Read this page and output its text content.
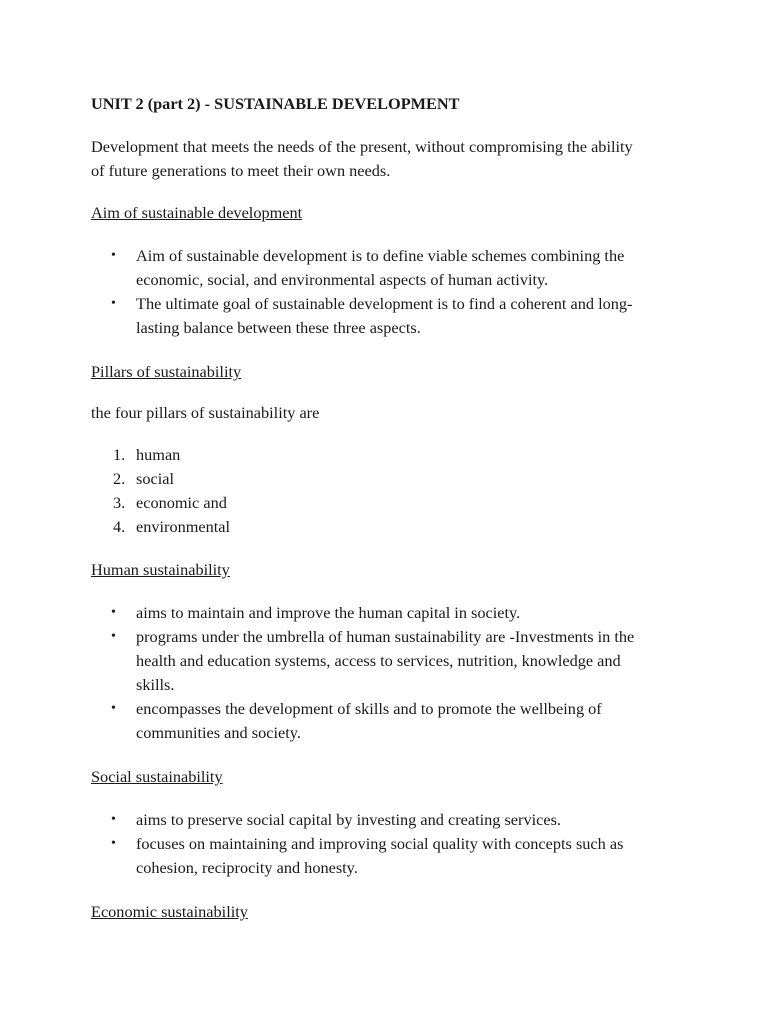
UNIT 2 (part 2) - SUSTAINABLE DEVELOPMENT

Development that meets the needs of the present, without compromising the ability
of future generations to meet their own needs.
Aim of sustainable development
• Aim of sustainable development is to define viable schemes combining the
economic, social, and environmental aspects of human activity.
• The ultimate goal of sustainable development is to find a coherent and long-
lasting balance between these three aspects.
Pillars of sustainability
the four pillars of sustainability are
1. human
2. social
3. economic and
4. environmental
Human sustainability
• aims to maintain and improve the human capital in society.
• programs under the umbrella of human sustainability are -Investments in the
health and education systems, access to services, nutrition, knowledge and
skills.
• encompasses the development of skills and to promote the wellbeing of
communities and society.
Social sustainability
• aims to preserve social capital by investing and creating services.
• focuses on maintaining and improving social quality with concepts such as
cohesion, reciprocity and honesty.
Economic sustainability
